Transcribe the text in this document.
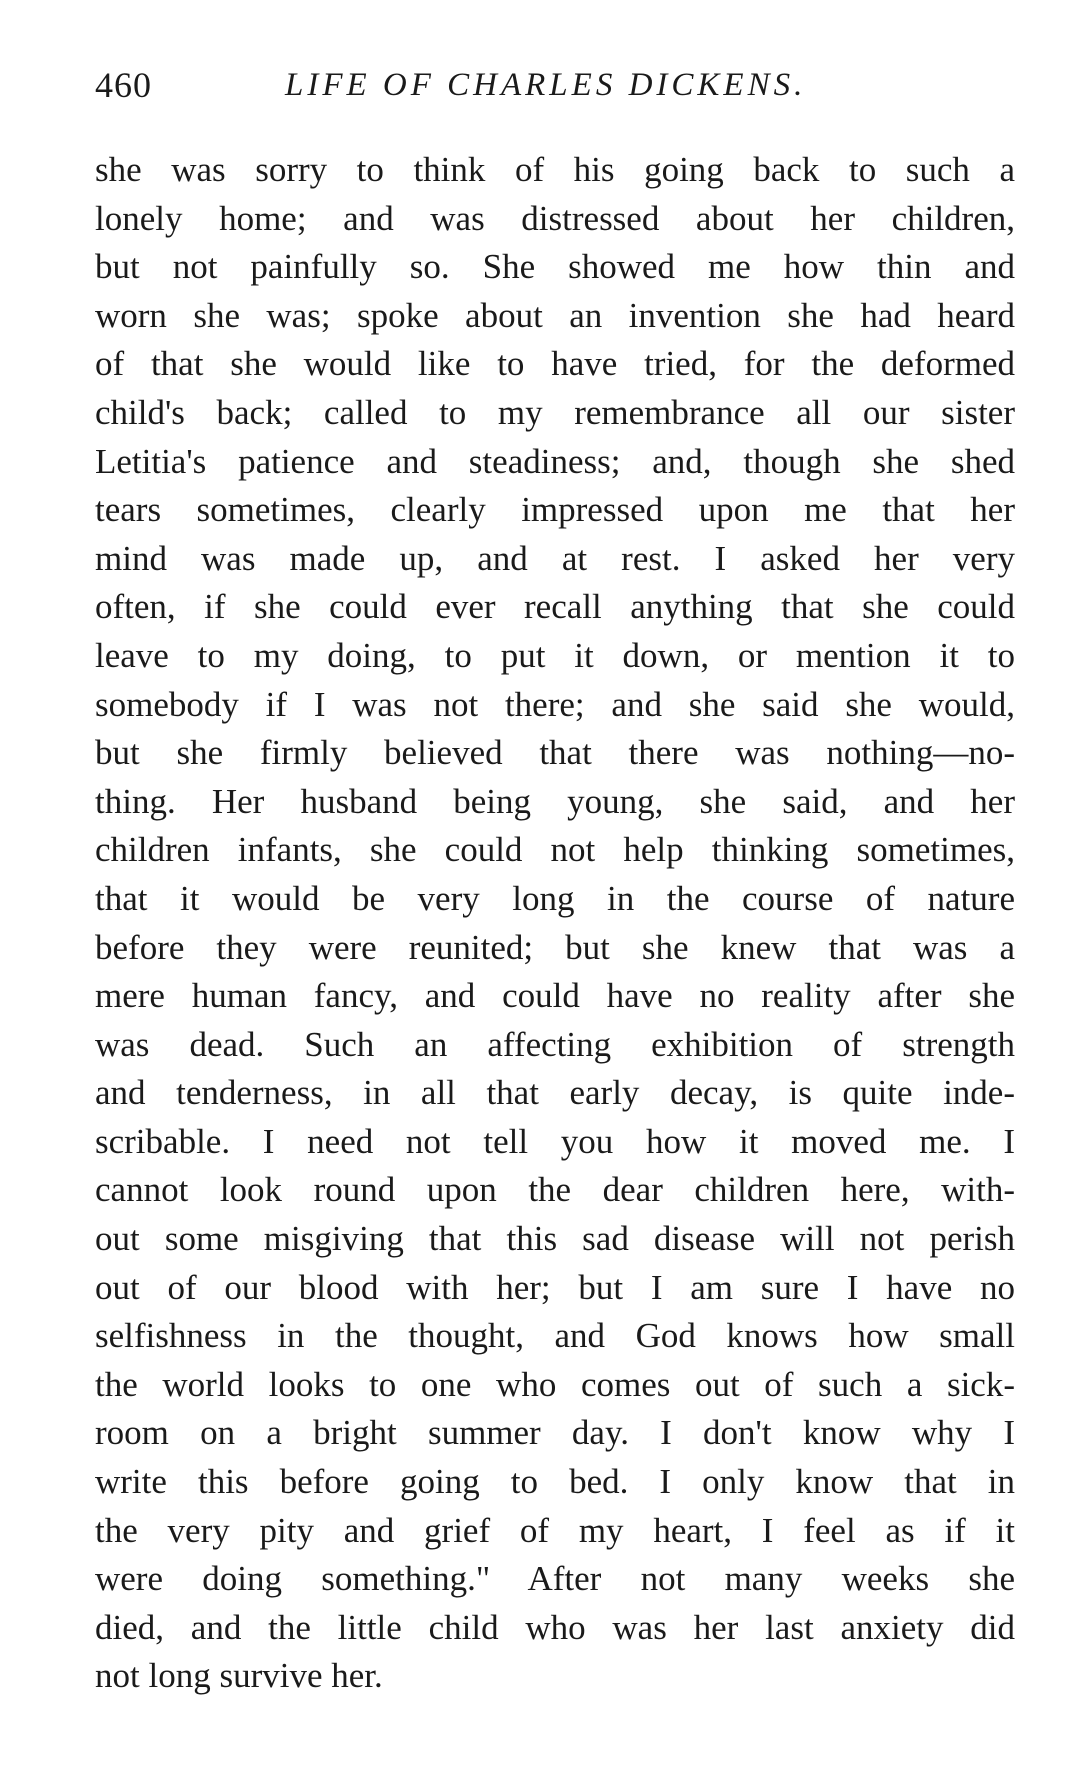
460	LIFE OF CHARLES DICKENS.
she was sorry to think of his going back to such a
lonely home; and was distressed about her children,
but not painfully so. She showed me how thin and
worn she was; spoke about an invention she had heard
of that she would like to have tried, for the deformed
child's back; called to my remembrance all our sister
Letitia's patience and steadiness; and, though she shed
tears sometimes, clearly impressed upon me that her
mind was made up, and at rest. I asked her very
often, if she could ever recall anything that she could
leave to my doing, to put it down, or mention it to
somebody if I was not there; and she said she would,
but she firmly believed that there was nothing—no-
thing. Her husband being young, she said, and her
children infants, she could not help thinking sometimes,
that it would be very long in the course of nature
before they were reunited; but she knew that was a
mere human fancy, and could have no reality after she
was dead. Such an affecting exhibition of strength
and tenderness, in all that early decay, is quite inde-
scribable. I need not tell you how it moved me. I
cannot look round upon the dear children here, with-
out some misgiving that this sad disease will not perish
out of our blood with her; but I am sure I have no
selfishness in the thought, and God knows how small
the world looks to one who comes out of such a sick-
room on a bright summer day. I don't know why I
write this before going to bed. I only know that in
the very pity and grief of my heart, I feel as if it
were doing something." After not many weeks she
died, and the little child who was her last anxiety did
not long survive her.
